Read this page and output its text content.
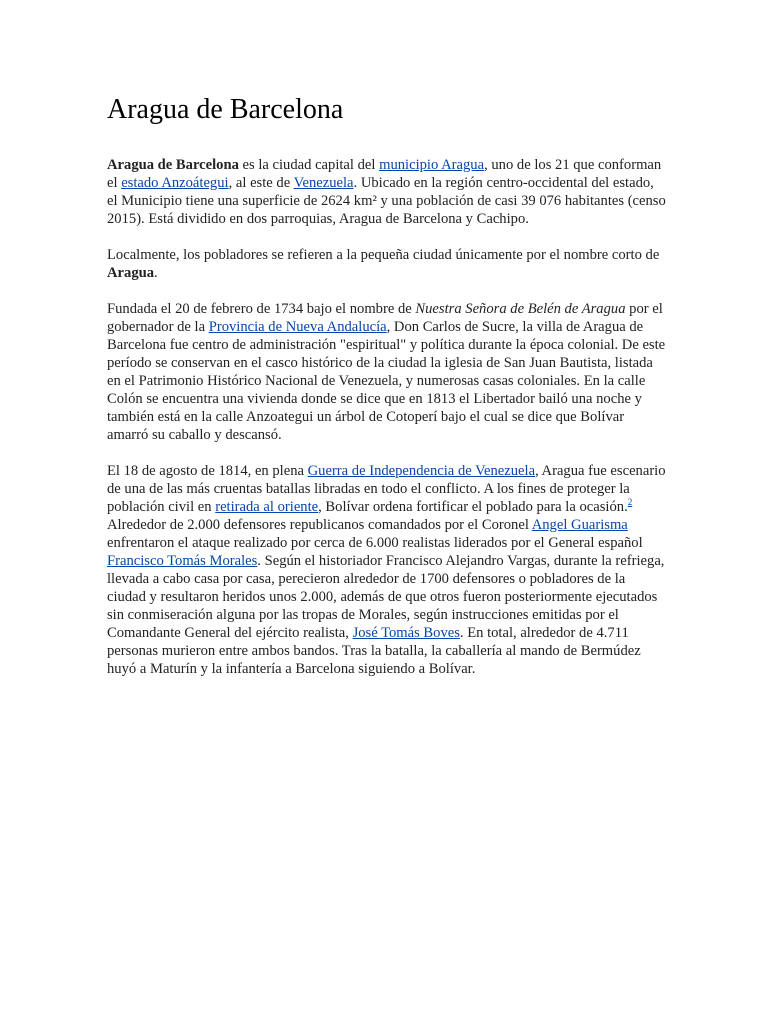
Aragua de Barcelona

Aragua de Barcelona es la ciudad capital del municipio Aragua, uno de los 21 que conforman el estado Anzoátegui, al este de Venezuela. Ubicado en la región centro-occidental del estado, el Municipio tiene una superficie de 2624 km² y una población de casi 39 076 habitantes (censo 2015). Está dividido en dos parroquias, Aragua de Barcelona y Cachipo.

Localmente, los pobladores se refieren a la pequeña ciudad únicamente por el nombre corto de Aragua.

Fundada el 20 de febrero de 1734 bajo el nombre de Nuestra Señora de Belén de Aragua por el gobernador de la Provincia de Nueva Andalucía, Don Carlos de Sucre, la villa de Aragua de Barcelona fue centro de administración "espiritual" y política durante la época colonial. De este período se conservan en el casco histórico de la ciudad la iglesia de San Juan Bautista, listada en el Patrimonio Histórico Nacional de Venezuela, y numerosas casas coloniales. En la calle Colón se encuentra una vivienda donde se dice que en 1813 el Libertador bailó una noche y también está en la calle Anzoategui un árbol de Cotoperí bajo el cual se dice que Bolívar amarró su caballo y descansó.

El 18 de agosto de 1814, en plena Guerra de Independencia de Venezuela, Aragua fue escenario de una de las más cruentas batallas libradas en todo el conflicto. A los fines de proteger la población civil en retirada al oriente, Bolívar ordena fortificar el poblado para la ocasión.$^2$ Alrededor de 2.000 defensores republicanos comandados por el Coronel Angel Guarisma enfrentaron el ataque realizado por cerca de 6.000 realistas liderados por el General español Francisco Tomás Morales. Según el historiador Francisco Alejandro Vargas, durante la refriega, llevada a cabo casa por casa, perecieron alrededor de 1700 defensores o pobladores de la ciudad y resultaron heridos unos 2.000, además de que otros fueron posteriormente ejecutados sin conmiseración alguna por las tropas de Morales, según instrucciones emitidas por el Comandante General del ejército realista, José Tomás Boves. En total, alrededor de 4.711 personas murieron entre ambos bandos. Tras la batalla, la caballería al mando de Bermúdez huyó a Maturín y la infantería a Barcelona siguiendo a Bolívar.
